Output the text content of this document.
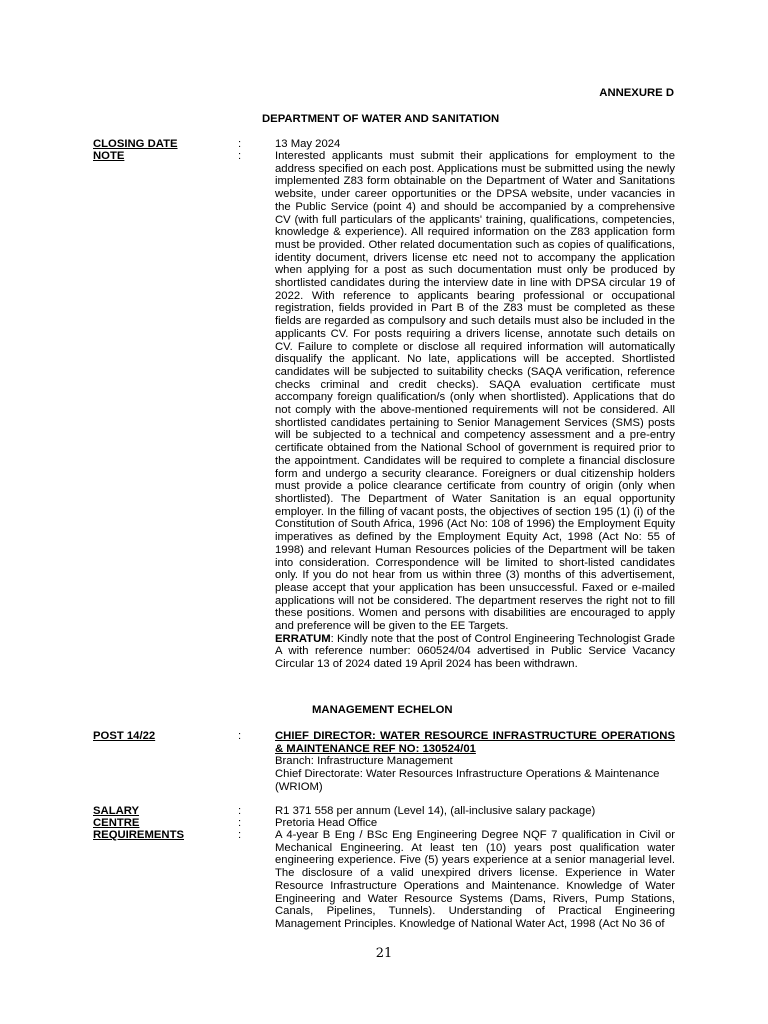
ANNEXURE D
DEPARTMENT OF WATER AND SANITATION
CLOSING DATE	:	13 May 2024
NOTE	:	Interested applicants must submit their applications for employment to the address specified on each post. Applications must be submitted using the newly implemented Z83 form obtainable on the Department of Water and Sanitations website, under career opportunities or the DPSA website, under vacancies in the Public Service (point 4) and should be accompanied by a comprehensive CV (with full particulars of the applicants' training, qualifications, competencies, knowledge & experience). All required information on the Z83 application form must be provided. Other related documentation such as copies of qualifications, identity document, drivers license etc need not to accompany the application when applying for a post as such documentation must only be produced by shortlisted candidates during the interview date in line with DPSA circular 19 of 2022. With reference to applicants bearing professional or occupational registration, fields provided in Part B of the Z83 must be completed as these fields are regarded as compulsory and such details must also be included in the applicants CV. For posts requiring a drivers license, annotate such details on CV. Failure to complete or disclose all required information will automatically disqualify the applicant. No late, applications will be accepted. Shortlisted candidates will be subjected to suitability checks (SAQA verification, reference checks criminal and credit checks). SAQA evaluation certificate must accompany foreign qualification/s (only when shortlisted). Applications that do not comply with the above-mentioned requirements will not be considered. All shortlisted candidates pertaining to Senior Management Services (SMS) posts will be subjected to a technical and competency assessment and a pre-entry certificate obtained from the National School of government is required prior to the appointment. Candidates will be required to complete a financial disclosure form and undergo a security clearance. Foreigners or dual citizenship holders must provide a police clearance certificate from country of origin (only when shortlisted). The Department of Water Sanitation is an equal opportunity employer. In the filling of vacant posts, the objectives of section 195 (1) (i) of the Constitution of South Africa, 1996 (Act No: 108 of 1996) the Employment Equity imperatives as defined by the Employment Equity Act, 1998 (Act No: 55 of 1998) and relevant Human Resources policies of the Department will be taken into consideration. Correspondence will be limited to short-listed candidates only. If you do not hear from us within three (3) months of this advertisement, please accept that your application has been unsuccessful. Faxed or e-mailed applications will not be considered. The department reserves the right not to fill these positions. Women and persons with disabilities are encouraged to apply and preference will be given to the EE Targets.

ERRATUM: Kindly note that the post of Control Engineering Technologist Grade A with reference number: 060524/04 advertised in Public Service Vacancy Circular 13 of 2024 dated 19 April 2024 has been withdrawn.

MANAGEMENT ECHELON
POST 14/22	:	CHIEF DIRECTOR: WATER RESOURCE INFRASTRUCTURE OPERATIONS & MAINTENANCE REF NO: 130524/01

Branch: Infrastructure Management

Chief Directorate: Water Resources Infrastructure Operations & Maintenance (WRIOM)

SALARY	:	R1 371 558 per annum (Level 14), (all-inclusive salary package)
CENTRE	:	Pretoria Head Office
REQUIREMENTS	:	A 4-year B Eng / BSc Eng Engineering Degree NQF 7 qualification in Civil or Mechanical Engineering. At least ten (10) years post qualification water engineering experience. Five (5) years experience at a senior managerial level. The disclosure of a valid unexpired drivers license. Experience in Water Resource Infrastructure Operations and Maintenance. Knowledge of Water Engineering and Water Resource Systems (Dams, Rivers, Pump Stations, Canals, Pipelines, Tunnels). Understanding of Practical Engineering Management Principles. Knowledge of National Water Act, 1998 (Act No 36 of
21
